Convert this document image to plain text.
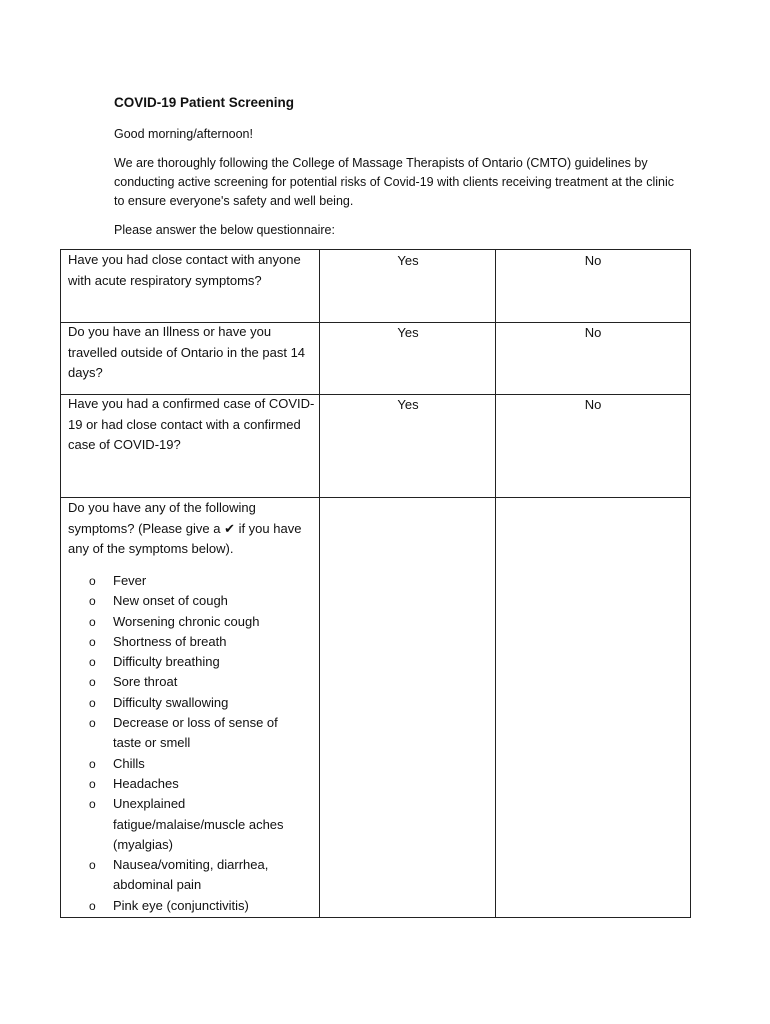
COVID-19 Patient Screening
Good morning/afternoon!
We are thoroughly following the College of Massage Therapists of Ontario (CMTO) guidelines by conducting active screening for potential risks of Covid-19 with clients receiving treatment at the clinic to ensure everyone's safety and well being.
Please answer the below questionnaire:
Have you had close contact with anyone with acute respiratory symptoms?
Yes	No
Do you have an Illness or have you travelled outside of Ontario in the past 14 days?
Yes	No
Have you had a confirmed case of COVID-19 or had close contact with a confirmed case of COVID-19?
Yes	No
Do you have any of the following symptoms? (Please give a ✔ if you have any of the symptoms below).
o Fever
o New onset of cough
o Worsening chronic cough
o Shortness of breath
o Difficulty breathing
o Sore throat
o Difficulty swallowing
o Decrease or loss of sense of taste or smell
o Chills
o Headaches
o Unexplained fatigue/malaise/muscle aches (myalgias)
o Nausea/vomiting, diarrhea, abdominal pain
o Pink eye (conjunctivitis)
